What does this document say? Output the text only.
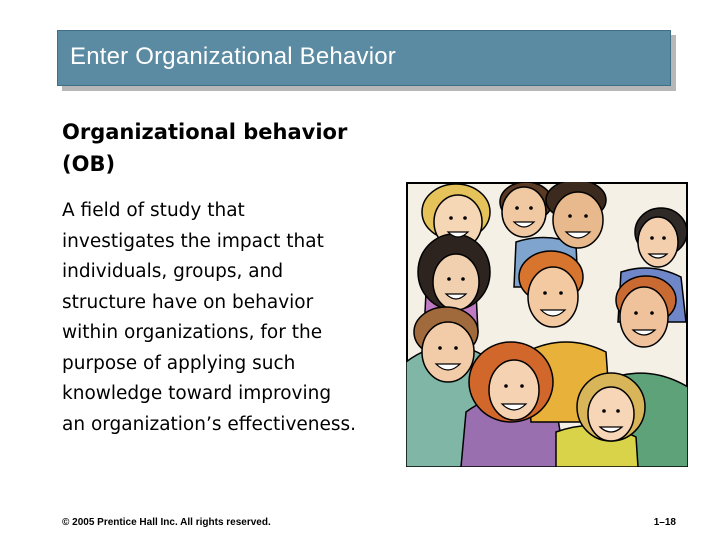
Enter Organizational Behavior
Organizational behavior
(OB)
A field of study that
investigates the impact that
individuals, groups, and
structure have on behavior
within organizations, for the
purpose of applying such
knowledge toward improving
an organization’s effectiveness.
© 2005 Prentice Hall Inc. All rights reserved.	1–18
